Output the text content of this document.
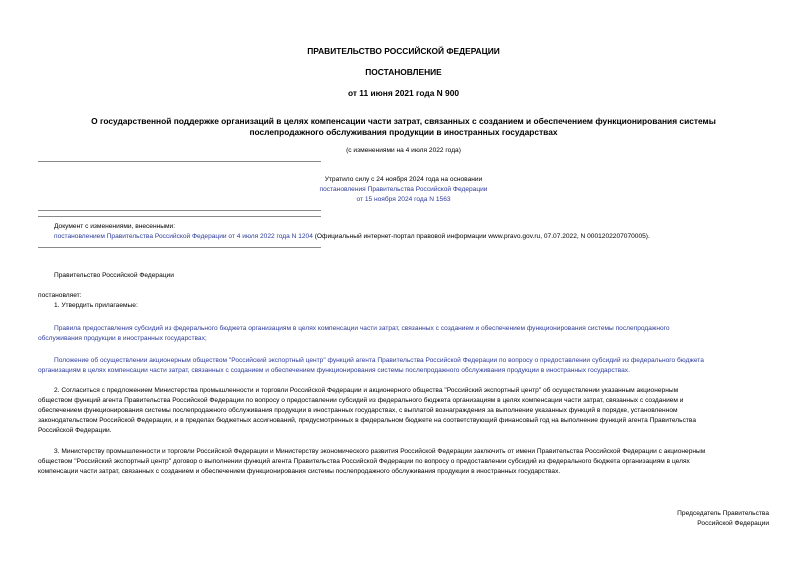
ПРАВИТЕЛЬСТВО РОССИЙСКОЙ ФЕДЕРАЦИИ
ПОСТАНОВЛЕНИЕ
от 11 июня 2021 года N 900
О государственной поддержке организаций в целях компенсации части затрат, связанных с созданием и обеспечением функционирования системы
послепродажного обслуживания продукции в иностранных государствах
(с изменениями на 4 июля 2022 года)
Утратило силу с 24 ноября 2024 года на основании
постановления Правительства Российской Федерации
от 15 ноября 2024 года N 1563
Документ с изменениями, внесенными:
постановлением Правительства Российской Федерации от 4 июля 2022 года N 1204 (Официальный интернет-портал правовой информации www.pravo.gov.ru, 07.07.2022, N 0001202207070005).
Правительство Российской Федерации
постановляет:
1. Утвердить прилагаемые:
Правила предоставления субсидий из федерального бюджета организациям в целях компенсации части затрат, связанных с созданием и обеспечением функционирования системы послепродажного
обслуживания продукции в иностранных государствах;
Положение об осуществлении акционерным обществом "Российский экспортный центр" функций агента Правительства Российской Федерации по вопросу о предоставлении субсидий из федерального бюджета
организациям в целях компенсации части затрат, связанных с созданием и обеспечением функционирования системы послепродажного обслуживания продукции в иностранных государствах.
2. Согласиться с предложением Министерства промышленности и торговли Российской Федерации и акционерного общества "Российский экспортный центр" об осуществлении указанным акционерным
обществом функций агента Правительства Российской Федерации по вопросу о предоставлении субсидий из федерального бюджета организациям в целях компенсации части затрат, связанных с созданием и
обеспечением функционирования системы послепродажного обслуживания продукции в иностранных государствах, с выплатой вознаграждения за выполнение указанных функций в порядке, установленном
законодательством Российской Федерации, и в пределах бюджетных ассигнований, предусмотренных в федеральном бюджете на соответствующий финансовый год на выполнение функций агента Правительства
Российской Федерации.
3. Министерству промышленности и торговли Российской Федерации и Министерству экономического развития Российской Федерации заключить от имени Правительства Российской Федерации с акционерным
обществом "Российский экспортный центр" договор о выполнении функций агента Правительства Российской Федерации по вопросу о предоставлении субсидий из федерального бюджета организациям в целях
компенсации части затрат, связанных с созданием и обеспечением функционирования системы послепродажного обслуживания продукции в иностранных государствах.
Председатель Правительства
Российской Федерации
